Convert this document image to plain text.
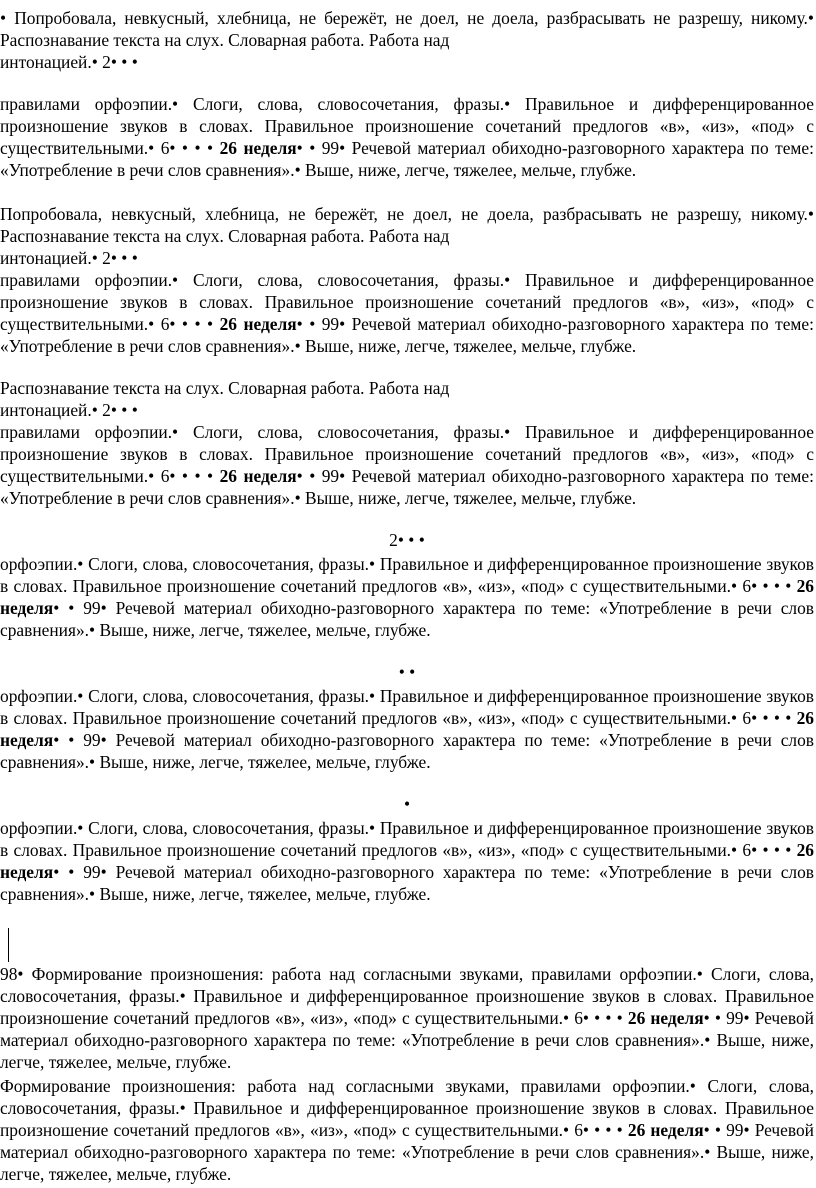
• Попробовала, невкусный, хлебница, не бережёт, не доел, не доела, разбрасывать не разрешу, никому.• Распознавание текста на слух. Словарная работа. Работа над
интонацией.• 2• • •

правилами орфоэпии.• Слоги, слова, словосочетания, фразы.• Правильное и дифференцированное произношение звуков в словах. Правильное произношение сочетаний предлогов «в», «из», «под» с существительными.• 6• • • • 26 неделя• • 99• Речевой материал обиходно-разговорного характера по теме: «Употребление в речи слов сравнения».• Выше, ниже, легче, тяжелее, мельче, глубже.

Попробовала, невкусный, хлебница, не бережёт, не доел, не доела, разбрасывать не разрешу, никому.• Распознавание текста на слух. Словарная работа. Работа над
интонацией.• 2• • •

правилами орфоэпии.• Слоги, слова, словосочетания, фразы.• Правильное и дифференцированное произношение звуков в словах. Правильное произношение сочетаний предлогов «в», «из», «под» с существительными.• 6• • • • 26 неделя• • 99• Речевой материал обиходно-разговорного характера по теме: «Употребление в речи слов сравнения».• Выше, ниже, легче, тяжелее, мельче, глубже.

Распознавание текста на слух. Словарная работа. Работа над
интонацией.• 2• • •

правилами орфоэпии.• Слоги, слова, словосочетания, фразы.• Правильное и дифференцированное произношение звуков в словах. Правильное произношение сочетаний предлогов «в», «из», «под» с существительными.• 6• • • • 26 неделя• • 99• Речевой материал обиходно-разговорного характера по теме: «Употребление в речи слов сравнения».• Выше, ниже, легче, тяжелее, мельче, глубже.

2• • •

орфоэпии.• Слоги, слова, словосочетания, фразы.• Правильное и дифференцированное произношение звуков в словах. Правильное произношение сочетаний предлогов «в», «из», «под» с существительными.• 6• • • • 26 неделя• • 99• Речевой материал обиходно-разговорного характера по теме: «Употребление в речи слов сравнения».• Выше, ниже, легче, тяжелее, мельче, глубже.

• •

орфоэпии.• Слоги, слова, словосочетания, фразы.• Правильное и дифференцированное произношение звуков в словах. Правильное произношение сочетаний предлогов «в», «из», «под» с существительными.• 6• • • • 26 неделя• • 99• Речевой материал обиходно-разговорного характера по теме: «Употребление в речи слов сравнения».• Выше, ниже, легче, тяжелее, мельче, глубже.

•

орфоэпии.• Слоги, слова, словосочетания, фразы.• Правильное и дифференцированное произношение звуков в словах. Правильное произношение сочетаний предлогов «в», «из», «под» с существительными.• 6• • • • 26 неделя• • 99• Речевой материал обиходно-разговорного характера по теме: «Употребление в речи слов сравнения».• Выше, ниже, легче, тяжелее, мельче, глубже.

98• Формирование произношения: работа над согласными звуками, правилами орфоэпии.• Слоги, слова, словосочетания, фразы.• Правильное и дифференцированное произношение звуков в словах. Правильное произношение сочетаний предлогов «в», «из», «под» с существительными.• 6• • • • 26 неделя• • 99• Речевой материал обиходно-разговорного характера по теме: «Употребление в речи слов сравнения».• Выше, ниже, легче, тяжелее, мельче, глубже.

Формирование произношения: работа над согласными звуками, правилами орфоэпии.• Слоги, слова, словосочетания, фразы.• Правильное и дифференцированное произношение звуков в словах. Правильное произношение сочетаний предлогов «в», «из», «под» с существительными.• 6• • • • 26 неделя• • 99• Речевой материал обиходно-разговорного характера по теме: «Употребление в речи слов сравнения».• Выше, ниже, легче, тяжелее, мельче, глубже.
